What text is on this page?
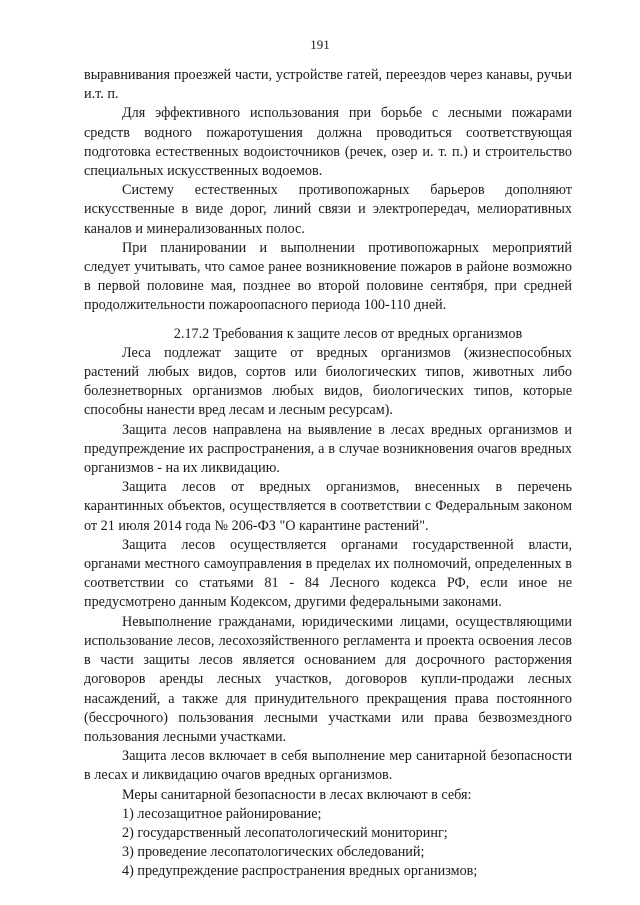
191

выравнивания проезжей части, устройстве гатей, переездов через канавы, ручьи и.т. п.

Для эффективного использования при борьбе с лесными пожарами средств водного пожаротушения должна проводиться соответствующая подготовка естественных водоисточников (речек, озер и. т. п.) и строительство специальных искусственных водоемов.

Систему естественных противопожарных барьеров дополняют искусственные в виде дорог, линий связи и электропередач, мелиоративных каналов и минерализованных полос.

При планировании и выполнении противопожарных мероприятий следует учитывать, что самое ранее возникновение пожаров в районе возможно в первой половине мая, позднее во второй половине сентября, при средней продолжительности пожароопасного периода 100-110 дней.

2.17.2 Требования к защите лесов от вредных организмов

Леса подлежат защите от вредных организмов (жизнеспособных растений любых видов, сортов или биологических типов, животных либо болезнетворных организмов любых видов, биологических типов, которые способны нанести вред лесам и лесным ресурсам).

Защита лесов направлена на выявление в лесах вредных организмов и предупреждение их распространения, а в случае возникновения очагов вредных организмов - на их ликвидацию.

Защита лесов от вредных организмов, внесенных в перечень карантинных объектов, осуществляется в соответствии с Федеральным законом от 21 июля 2014 года № 206-ФЗ "О карантине растений".

Защита лесов осуществляется органами государственной власти, органами местного самоуправления в пределах их полномочий, определенных в соответствии со статьями 81 - 84 Лесного кодекса РФ, если иное не предусмотрено данным Кодексом, другими федеральными законами.

Невыполнение гражданами, юридическими лицами, осуществляющими использование лесов, лесохозяйственного регламента и проекта освоения лесов в части защиты лесов является основанием для досрочного расторжения договоров аренды лесных участков, договоров купли-продажи лесных насаждений, а также для принудительного прекращения права постоянного (бессрочного) пользования лесными участками или права безвозмездного пользования лесными участками.

Защита лесов включает в себя выполнение мер санитарной безопасности в лесах и ликвидацию очагов вредных организмов.

Меры санитарной безопасности в лесах включают в себя:

1) лесозащитное районирование;

2) государственный лесопатологический мониторинг;

3) проведение лесопатологических обследований;

4) предупреждение распространения вредных организмов;
